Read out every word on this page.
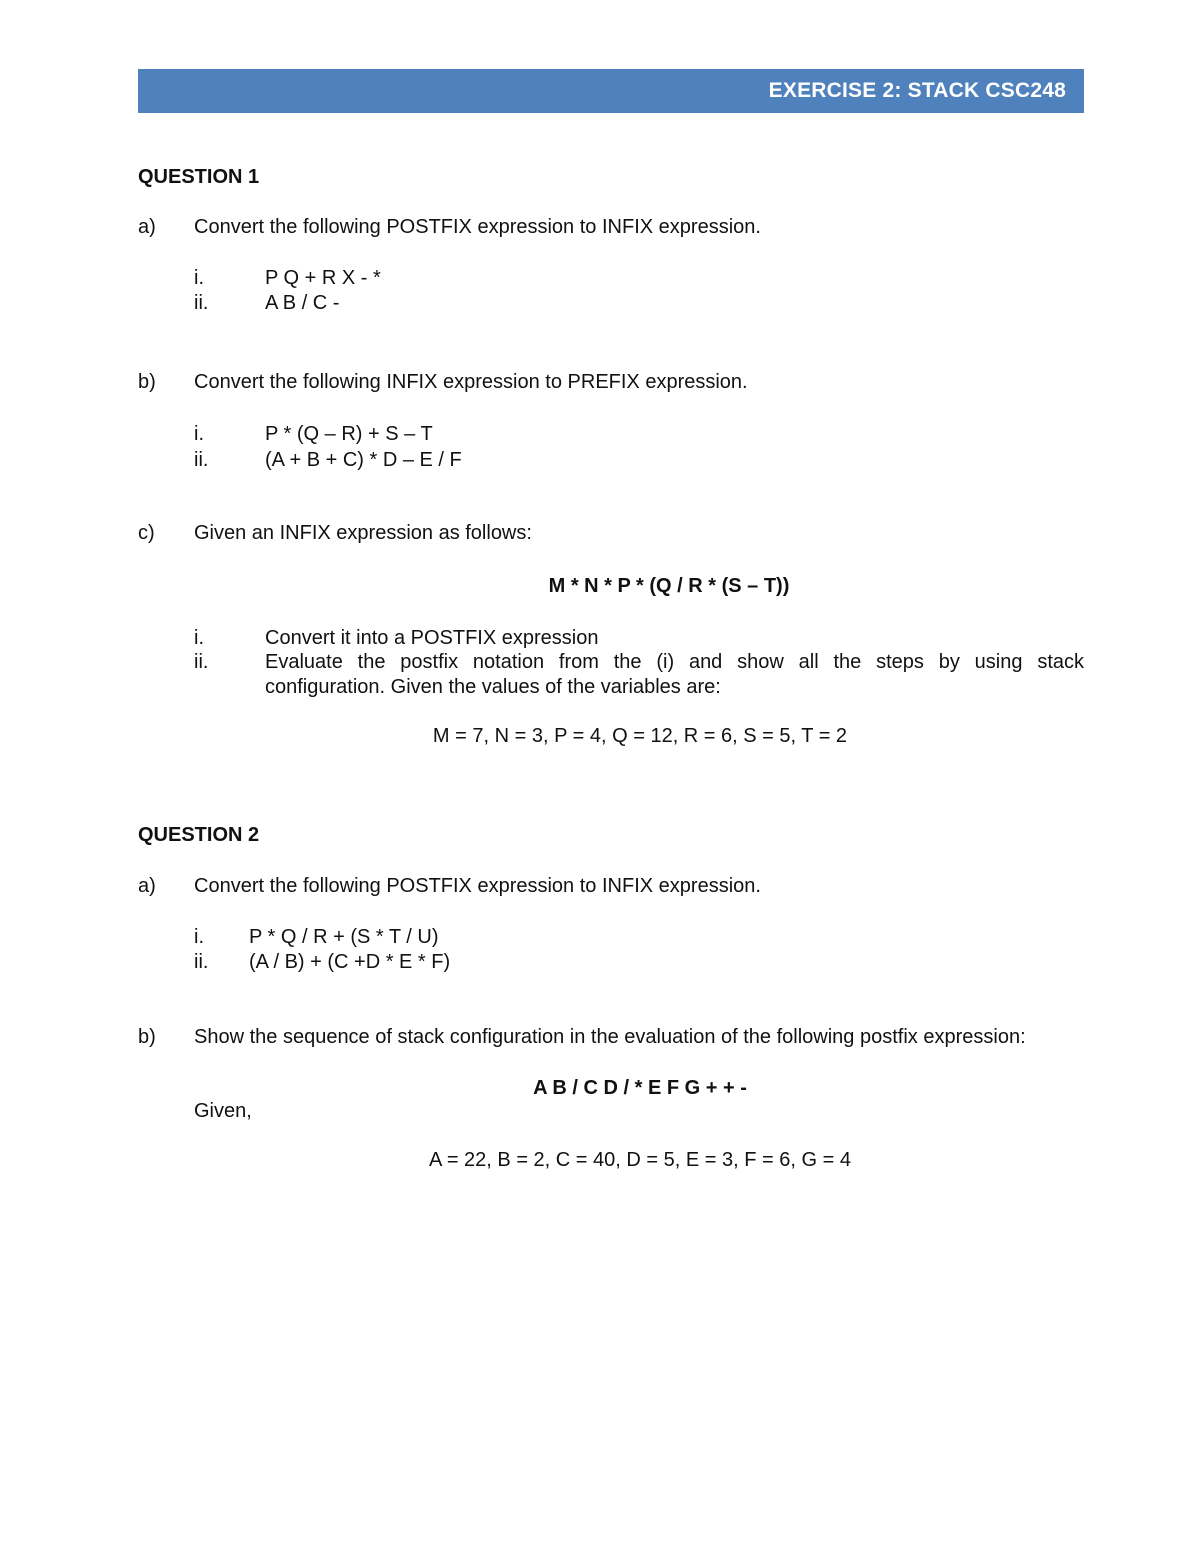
EXERCISE 2: STACK CSC248
QUESTION 1
a) Convert the following POSTFIX expression to INFIX expression.
i.	P Q + R X - *
ii.	A B / C -
b) Convert the following INFIX expression to PREFIX expression.
i.	P * (Q – R) + S – T
ii.	(A + B + C) * D – E / F
c) Given an INFIX expression as follows:
M * N * P * (Q / R * (S – T))
i.	Convert it into a POSTFIX expression
ii.	Evaluate the postfix notation from the (i) and show all the steps by using stack
configuration. Given the values of the variables are:
M = 7, N = 3, P = 4, Q = 12, R = 6, S = 5, T = 2
QUESTION 2
a) Convert the following POSTFIX expression to INFIX expression.
i. P * Q / R + (S * T / U)
ii. (A / B) + (C +D * E * F)
b) Show the sequence of stack configuration in the evaluation of the following postfix expression:
A B / C D / * E F G + + -
Given,
A = 22, B = 2, C = 40, D = 5, E = 3, F = 6, G = 4
